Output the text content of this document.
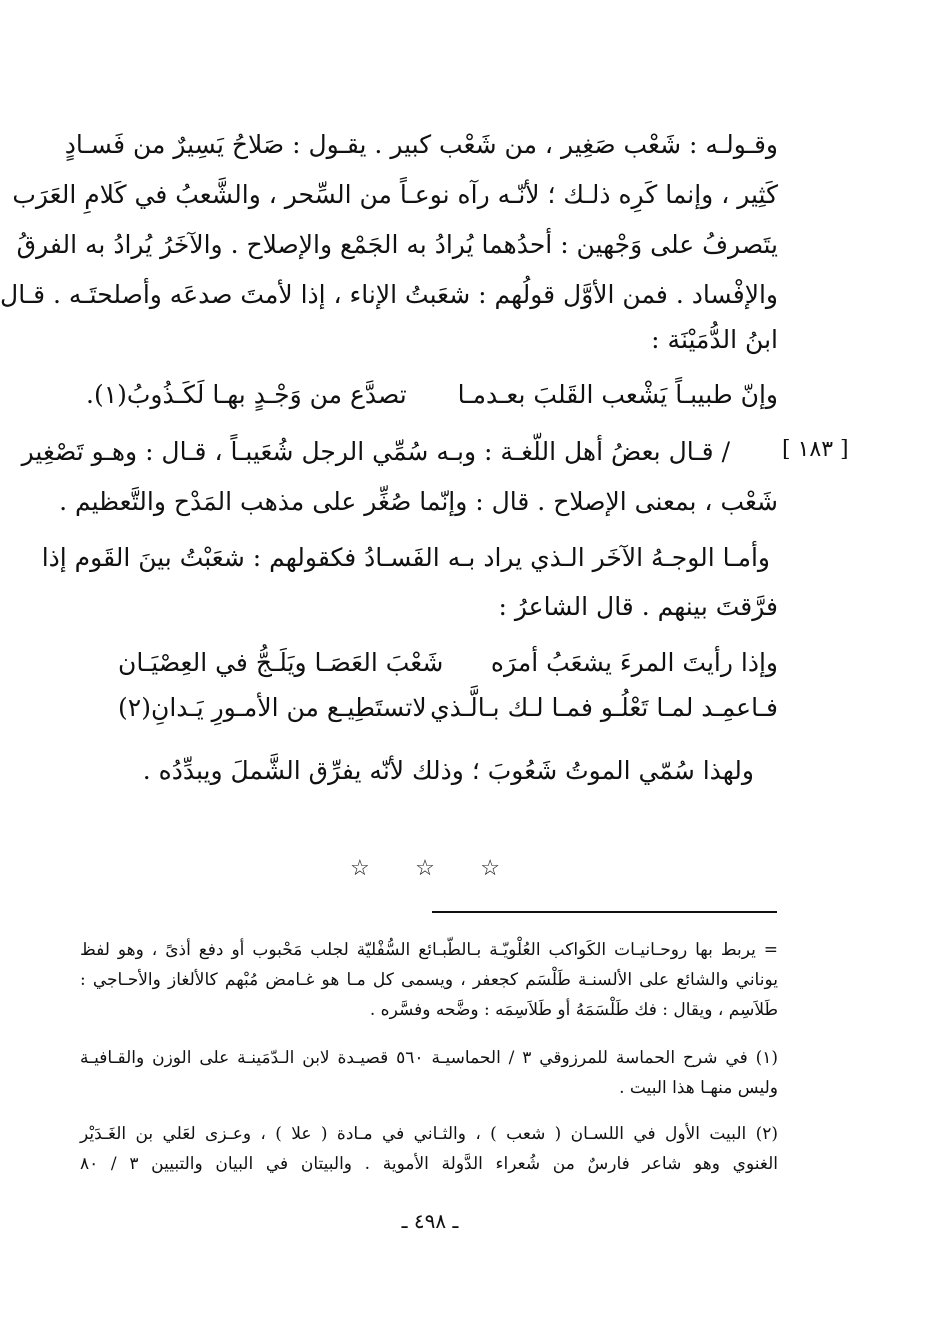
وقـولـه : شَعْب صَغِير ، من شَعْب كبير . يقـول : صَلاحُ يَسِيرٌ من فَسـادٍ
كَثِير ، وإنما كَرِه ذلـك ؛ لأنّـه رآه نوعـاً من السِّحر ، والشَّعبُ في كَلامِ العَرَب
يتَصرفُ على وَجْهين : أحدُهما يُرادُ به الجَمْع والإصلاح . والآخَرُ يُرادُ به الفرقُ
والإفْساد . فمن الأوَّل قولُهم : شعَبتُ الإناء ، إذا لأمتَ صدعَه وأصلحتَـه . قـال
ابنُ الدُّمَيْنَة :
وإنّ طبيبـاً يَشْعب القَلبَ بعـدمـا
تصدَّع من وَجْـدٍ بهـا لَكَـذُوبُ(١).
[ ١٨٣ ]
/ قـال بعضُ أهل اللّغـة : وبـه سُمِّي الرجل شُعَيبـاً ، قـال : وهـو تَصْغِير
شَعْب ، بمعنى الإصلاح . قال : وإنّما صُغِّر على مذهب المَدْح والتَّعظيم .
وأمـا الوجـهُ الآخَر الـذي يراد بـه الفَسـادُ فكقولهم : شعَبْتُ بينَ القَوم إذا
فرَّقتَ بينهم . قال الشاعرُ :
وإذا رأيتَ المرءَ يشعَبُ أمرَه
شَعْبَ العَصَـا ويَلَـجُّ في العِصْيَـان
فـاعمِـد لمـا تَعْلُـو فمـا لـك بـالَّـذي
لاتستَطِيـع من الأمـورِ يَـدانِ(٢)
ولهذا سُمّي الموتُ شَعُوبَ ؛ وذلك لأنّه يفرِّق الشَّملَ ويبدِّدُه .
☆ ☆ ☆
= يربط بها روحـانيـات الكَواكب العُلْويّـة بـالطّبـائع السُّفْليّة لجلب مَحْبوب أو دفع أذىً ، وهو لفظ
يوناني والشائع على الألسنـة طَلْسَم كجعفر ، ويسمى كل مـا هو غـامض مُبْهم كالألغاز والأحـاجي :
طَلاَسِم ، ويقال : فك طَلْسَمَهُ أو طَلاَسِمَه : وضَّحه وفسَّره .
(١) في شرح الحماسة للمرزوقي ٣ / الحماسيـة ٥٦٠ قصيـدة لابن الـدّمَينـة على الوزن والقـافيـة
وليس منهـا هذا البيت .
(٢) البيت الأول في اللسـان ( شعب ) ، والثـاني في مـادة ( علا ) ، وعـزى لعَلي بن الغَـدَيْر
الغنوي وهو شاعر فارسٌ من شُعراء الدَّولة الأموية . والبيتان في البيان والتبيين ٣ / ٨٠
ـ ٤٩٨ ـ
